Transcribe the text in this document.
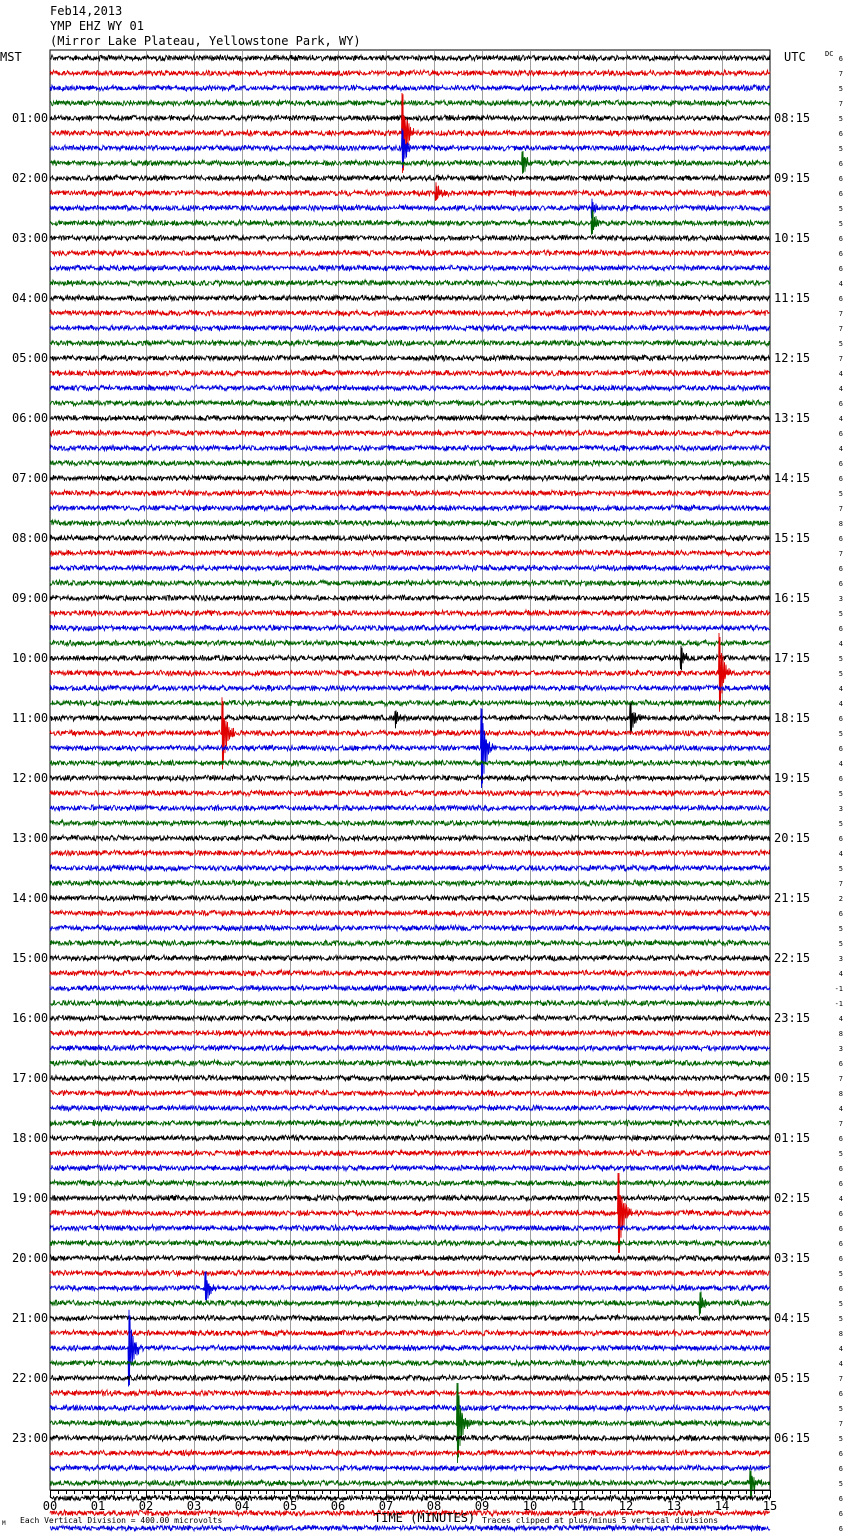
Feb14,2013
YMP EHZ WY 01
(Mirror Lake Plateau, Yellowstone Park, WY)
01:00
02:00
03:00
04:00
05:00
06:00
07:00
08:00
09:00
10:00
11:00
12:00
13:00
14:00
15:00
16:00
17:00
18:00
19:00
20:00
21:00
22:00
23:00
08:15
09:15
10:15
11:15
12:15
13:15
14:15
15:15
16:15
17:15
18:15
19:15
20:15
21:15
22:15
23:15
00:15
01:15
02:15
03:15
04:15
05:15
06:15
6
7
5
7
5
6
5
6
6
6
5
5
6
6
6
4
6
7
7
5
7
4
4
6
4
6
4
6
6
5
7
8
6
7
6
6
3
5
6
4
5
5
4
4
6
5
6
4
6
5
3
5
6
4
5
7
2
6
5
5
3
4
-1
-1
4
8
3
6
7
8
4
7
6
5
6
6
4
6
6
6
6
5
6
5
5
8
4
4
7
6
5
7
5
6
6
5
6
6
6
00	01	02	03	04	05	06	07	08	09	10	11	12	13	14	15
MST	UTC	DC
TIME (MINUTES)
Each Vertical Division = 400.00 microvolts	Traces clipped at plus/minus 5 vertical divisions
M
